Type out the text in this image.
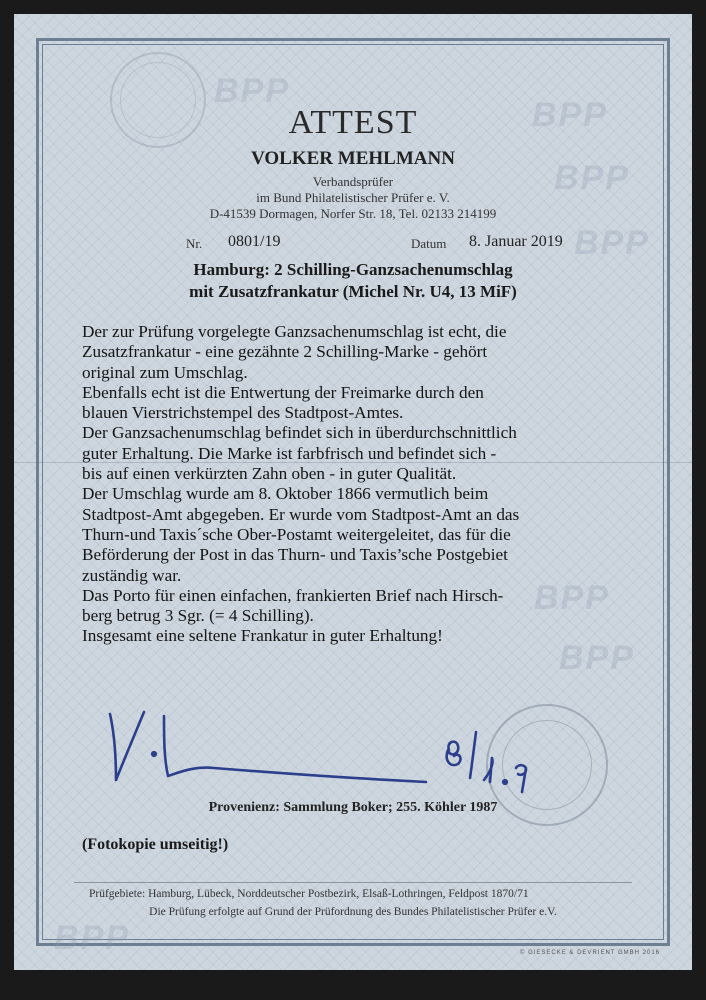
BPP
BPP
BPP
BPP
BPP
BPP
BPP
ATTEST
VOLKER MEHLMANN
Verbandsprüfer
im Bund Philatelistischer Prüfer e. V.
D-41539 Dormagen, Norfer Str. 18, Tel. 02133 214199
Nr. 0801/19	Datum 8. Januar 2019
Hamburg: 2 Schilling-Ganzsachenumschlag
mit Zusatzfrankatur (Michel Nr. U4, 13 MiF)

Der zur Prüfung vorgelegte Ganzsachenumschlag ist echt, die

Zusatzfrankatur - eine gezähnte 2 Schilling-Marke - gehört

original zum Umschlag.

Ebenfalls echt ist die Entwertung der Freimarke durch den

blauen Vierstrichstempel des Stadtpost-Amtes.

Der Ganzsachenumschlag befindet sich in überdurchschnittlich

guter Erhaltung. Die Marke ist farbfrisch und befindet sich -

bis auf einen verkürzten Zahn oben - in guter Qualität.

Der Umschlag wurde am 8. Oktober 1866 vermutlich beim

Stadtpost-Amt abgegeben. Er wurde vom Stadtpost-Amt an das

Thurn-und Taxis´sche Ober-Postamt weitergeleitet, das für die

Beförderung der Post in das Thurn- und Taxis’sche Postgebiet

zuständig war.

Das Porto für einen einfachen, frankierten Brief nach Hirsch-

berg betrug 3 Sgr. (= 4 Schilling).

Insgesamt eine seltene Frankatur in guter Erhaltung!

Provenienz: Sammlung Boker; 255. Köhler 1987
(Fotokopie umseitig!)
Prüfgebiete: Hamburg, Lübeck, Norddeutscher Postbezirk, Elsaß-Lothringen, Feldpost 1870/71
Die Prüfung erfolgte auf Grund der Prüfordnung des Bundes Philatelistischer Prüfer e.V.
© GIESECKE & DEVRIENT GMBH 2016
